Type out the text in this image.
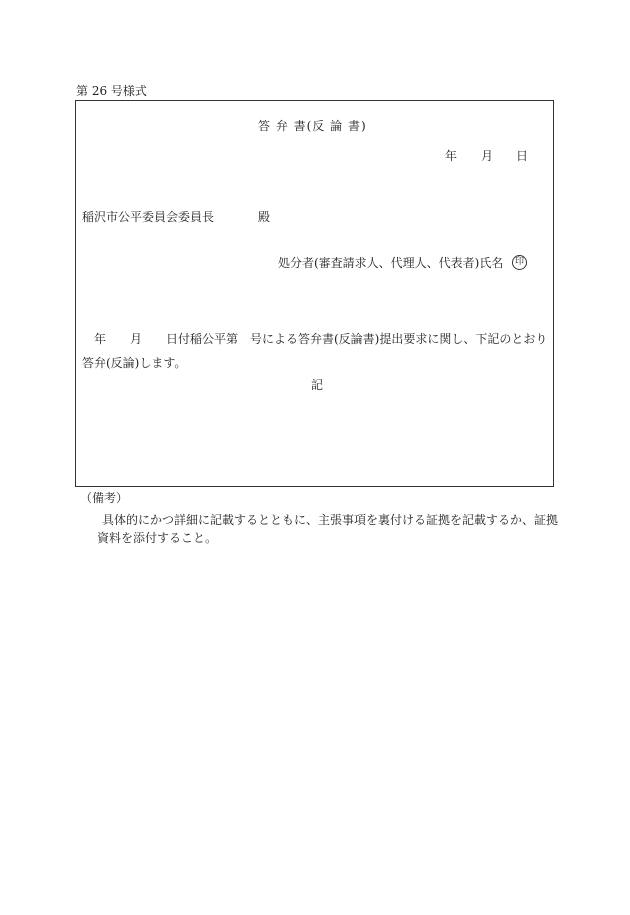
第 26 号様式
答 弁 書(反 論 書)
年 月 日
稲沢市公平委員会委員長	殿
処分者(審査請求人、代理人、代表者)氏名	印
　年　　月　　日付稲公平第　号による答弁書(反論書)提出要求に関し、下記のとおり
答弁(反論)します。
記
（備考）
具体的にかつ詳細に記載するとともに、主張事項を裏付ける証拠を記載するか、証拠
資料を添付すること。
